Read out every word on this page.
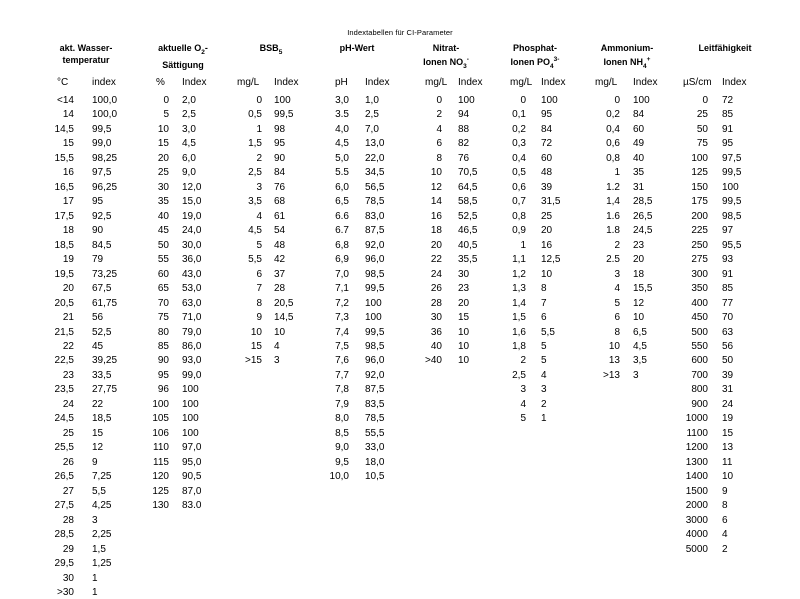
Indextabellen für CI-Parameter
akt. Wasser-
temperatur
°C index
<14 100,0
14 100,0
14,5 99,5
15 99,0
15,5 98,25
16 97,5
16,5 96,25
17 95
17,5 92,5
18 90
18,5 84,5
19 79
19,5 73,25
20 67,5
20,5 61,75
21 56
21,5 52,5
22 45
22,5 39,25
23 33,5
23,5 27,75
24 22
24,5 18,5
25 15
25,5 12
26 9
26,5 7,25
27 5,5
27,5 4,25
28 3
28,5 2,25
29 1,5
29,5 1,25
30 1
>30 1
aktuelle $O_2-$
Sättigung
% Index
0 2,0
5 2,5
10 3,0
15 4,5
20 6,0
25 9,0
30 12,0
35 15,0
40 19,0
45 24,0
50 30,0
55 36,0
60 43,0
65 53,0
70 63,0
75 71,0
80 79,0
85 86,0
90 93,0
95 99,0
96 100
100 100
105 100
106 100
110 97,0
115 95,0
120 90,5
125 87,0
130 83.0
$BSB_5$
mg/L Index
0 100
0,5 99,5
1 98
1,5 95
2 90
2,5 84
3 76
3,5 68
4 61
4,5 54
5 48
5,5 42
6 37
7 28
8 20,5
9 14,5
10 10
15 4
>15 3
pH-Wert
pH Index
3,0 1,0
3.5 2,5
4,0 7,0
4,5 13,0
5,0 22,0
5.5 34,5
6,0 56,5
6,5 78,5
6.6 83,0
6.7 87,5
6,8 92,0
6,9 96,0
7,0 98,5
7,1 99,5
7,2 100
7,3 100
7,4 99,5
7,5 98,5
7,6 96,0
7,7 92,0
7,8 87,5
7,9 83,5
8,0 78,5
8,5 55,5
9,0 33,0
9,5 18,0
10,0 10,5
Nitrat-
Ionen $NO_3^-$
mg/L Index
0 100
2 94
4 88
6 82
8 76
10 70,5
12 64,5
14 58,5
16 52,5
18 46,5
20 40,5
22 35,5
24 30
26 23
28 20
30 15
36 10
40 10
>40 10
Phosphat-
Ionen $PO_4^{3-}$
mg/L Index
0 100
0,1 95
0,2 84
0,3 72
0,4 60
0,5 48
0,6 39
0,7 31,5
0,8 25
0,9 20
1 16
1,1 12,5
1,2 10
1,3 8
1,4 7
1,5 6
1,6 5,5
1,8 5
2 5
2,5 4
3 3
4 2
5 1
Ammonium-
Ionen $NH_4^+$
mg/L Index
0 100
0,2 84
0,4 60
0,6 49
0,8 40
1 35
1.2 31
1,4 28,5
1.6 26,5
1.8 24,5
2 23
2.5 20
3 18
4 15,5
5 12
6 10
8 6,5
10 4,5
13 3,5
>13 3
Leitfähigkeit
µS/cm Index
0 72
25 85
50 91
75 95
100 97,5
125 99,5
150 100
175 99,5
200 98,5
225 97
250 95,5
275 93
300 91
350 85
400 77
450 70
500 63
550 56
600 50
700 39
800 31
900 24
1000 19
1100 15
1200 13
1300 11
1400 10
1500 9
2000 8
3000 6
4000 4
5000 2
